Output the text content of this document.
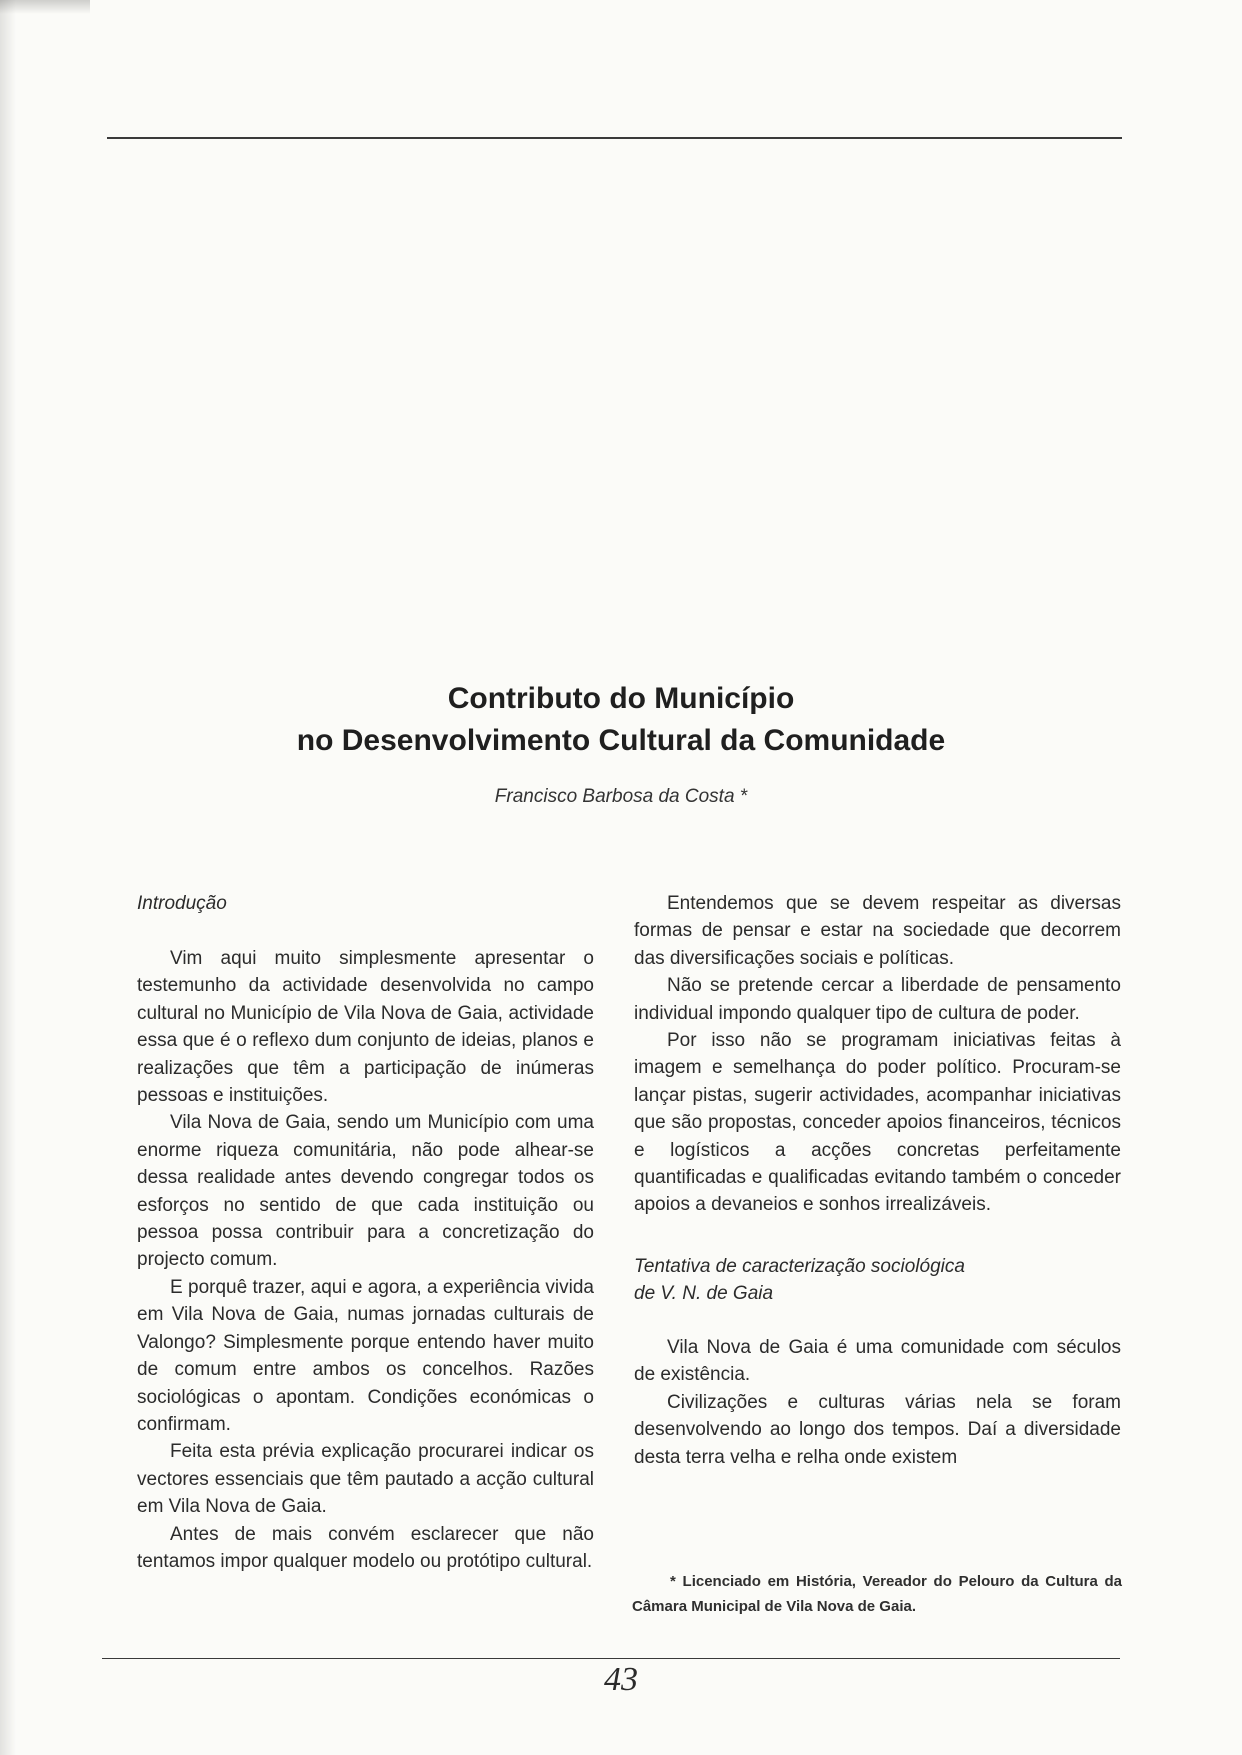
Contributo do Município
no Desenvolvimento Cultural da Comunidade
Francisco Barbosa da Costa *

Introdução

Vim aqui muito simplesmente apresentar o testemunho da actividade desenvolvida no campo cultural no Município de Vila Nova de Gaia, actividade essa que é o reflexo dum conjunto de ideias, planos e realizações que têm a participação de inúmeras pessoas e instituições.

Vila Nova de Gaia, sendo um Município com uma enorme riqueza comunitária, não pode alhear-se dessa realidade antes devendo congregar todos os esforços no sentido de que cada instituição ou pessoa possa contribuir para a concretização do projecto comum.

E porquê trazer, aqui e agora, a experiência vivida em Vila Nova de Gaia, numas jornadas culturais de Valongo? Simplesmente porque entendo haver muito de comum entre ambos os concelhos. Razões sociológicas o apontam. Condições económicas o confirmam.

Feita esta prévia explicação procurarei indicar os vectores essenciais que têm pautado a acção cultural em Vila Nova de Gaia.

Antes de mais convém esclarecer que não tentamos impor qualquer modelo ou protótipo cultural.

Entendemos que se devem respeitar as diversas formas de pensar e estar na sociedade que decorrem das diversificações sociais e políticas.

Não se pretende cercar a liberdade de pensamento individual impondo qualquer tipo de cultura de poder.

Por isso não se programam iniciativas feitas à imagem e semelhança do poder político. Procuram-se lançar pistas, sugerir actividades, acompanhar iniciativas que são propostas, conceder apoios financeiros, técnicos e logísticos a acções concretas perfeitamente quantificadas e qualificadas evitando também o conceder apoios a devaneios e sonhos irrealizáveis.

Tentativa de caracterização sociológica
de V. N. de Gaia

Vila Nova de Gaia é uma comunidade com séculos de existência.

Civilizações e culturas várias nela se foram desenvolvendo ao longo dos tempos. Daí a diversidade desta terra velha e relha onde existem

* Licenciado em História, Vereador do Pelouro da Cultura da Câmara Municipal de Vila Nova de Gaia.
43
